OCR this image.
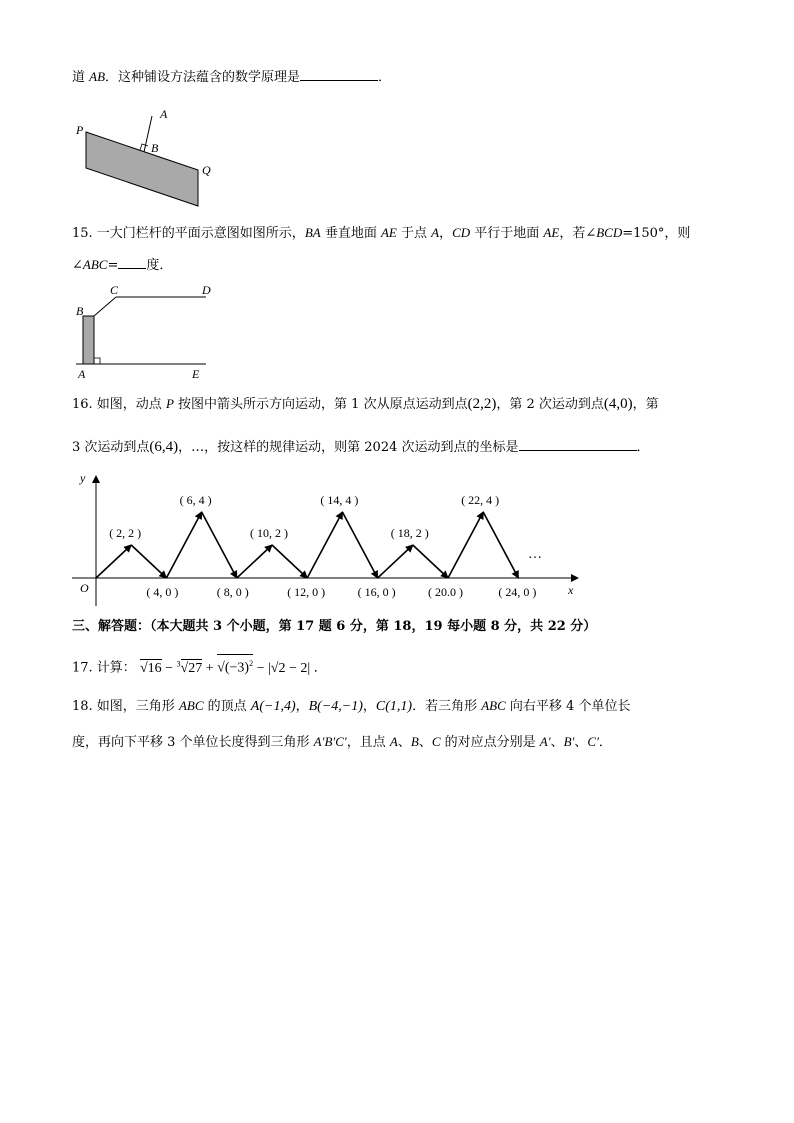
道 AB．这种铺设方法蕴含的数学原理是	．
P
A
B
Q
15. 一大门栏杆的平面示意图如图所示，BA 垂直地面 AE 于点 A，CD 平行于地面 AE，若∠BCD=150°，则
∠ABC= 度．
B
C	D
A	E
16. 如图，动点 P 按图中箭头所示方向运动，第 1 次从原点运动到点(2,2)，第 2 次运动到点(4,0)，第
3 次运动到点(6,4)，…，按这样的规律运动，则第 2024 次运动到点的坐标是	．
y
x
O
…
( 2, 2 )
( 6, 4 )
( 10, 2 )
( 14, 4 )
( 18, 2 )
( 22, 4 )
( 4, 0 )	( 8, 0 )	( 12, 0 )	( 16, 0 )	( 20.0 )	( 24, 0 )
三、解答题：（本大题共 3 个小题，第 17 题 6 分，第 18，19 每小题 8 分，共 22 分）
17. 计算： $√16 - ^3√27 + √(-3)^2 - |√2 - 2|$ ．
18. 如图，三角形 ABC 的顶点 A(−1,4)，B(−4,−1)，C(1,1)．若三角形 ABC 向右平移 4 个单位长
度，再向下平移 3 个单位长度得到三角形 A′B′C′，且点 A、B、C 的对应点分别是 A′、B′、C′．
